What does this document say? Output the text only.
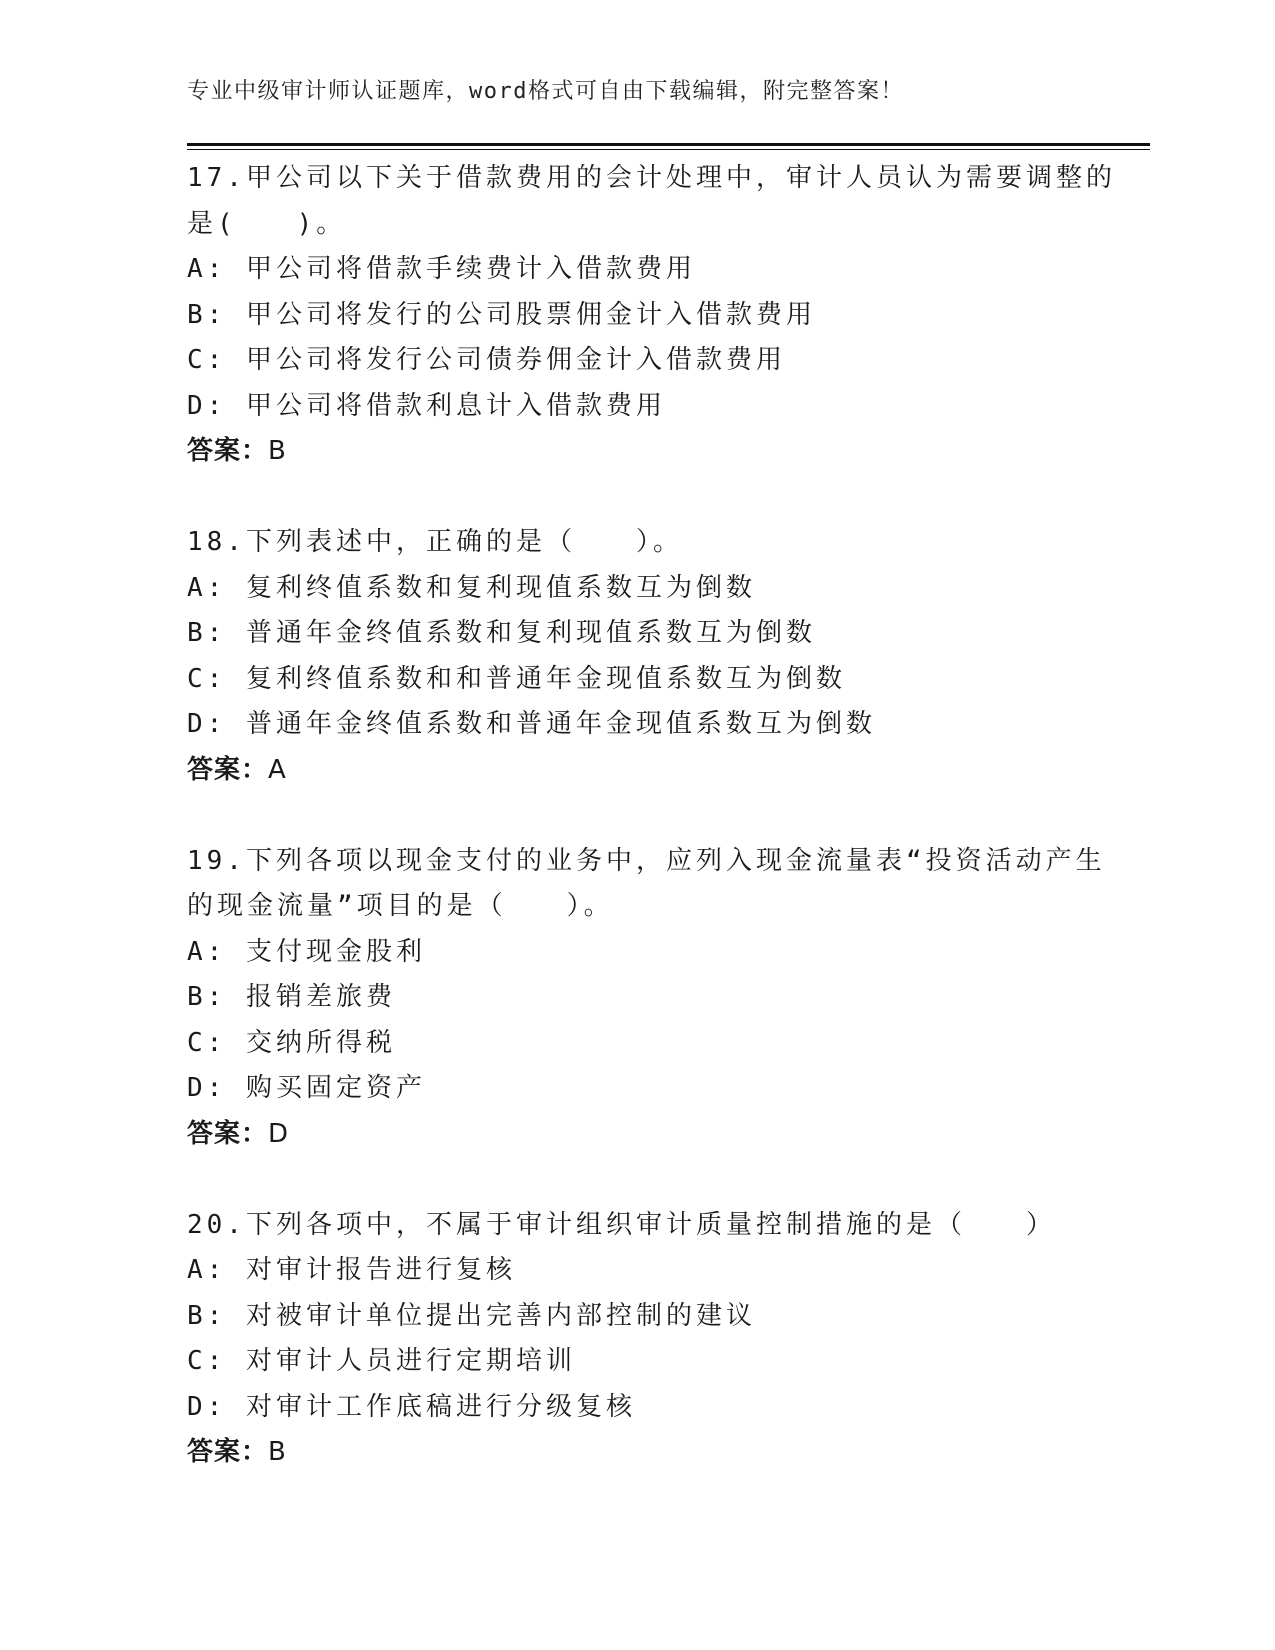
专业中级审计师认证题库，word格式可自由下载编辑，附完整答案！
17.甲公司以下关于借款费用的会计处理中，审计人员认为需要调整的
是(　　)。
A: 甲公司将借款手续费计入借款费用
B: 甲公司将发行的公司股票佣金计入借款费用
C: 甲公司将发行公司债券佣金计入借款费用
D: 甲公司将借款利息计入借款费用
答案：B
18.下列表述中，正确的是（　　）。
A: 复利终值系数和复利现值系数互为倒数
B: 普通年金终值系数和复利现值系数互为倒数
C: 复利终值系数和和普通年金现值系数互为倒数
D: 普通年金终值系数和普通年金现值系数互为倒数
答案：A
19.下列各项以现金支付的业务中，应列入现金流量表“投资活动产生
的现金流量”项目的是（　　）。
A: 支付现金股利
B: 报销差旅费
C: 交纳所得税
D: 购买固定资产
答案：D
20.下列各项中，不属于审计组织审计质量控制措施的是（　　）
A: 对审计报告进行复核
B: 对被审计单位提出完善内部控制的建议
C: 对审计人员进行定期培训
D: 对审计工作底稿进行分级复核
答案：B
